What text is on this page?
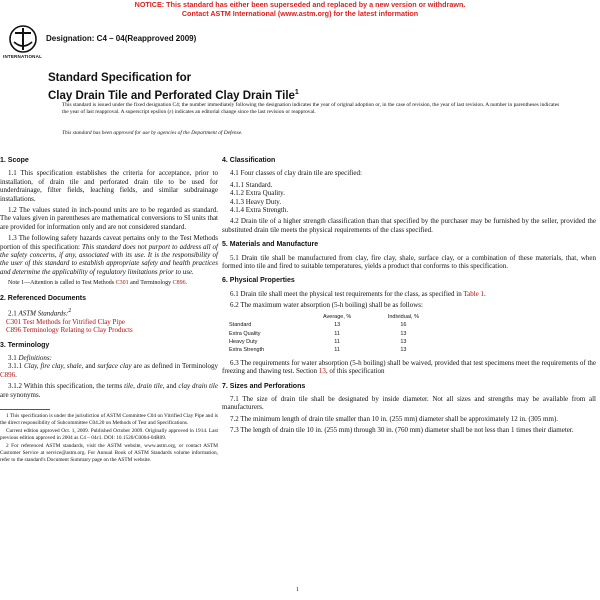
NOTICE: This standard has either been superseded and replaced by a new version or withdrawn.
Contact ASTM International (www.astm.org) for the latest information
INTERNATIONAL
Designation: C4 – 04(Reapproved 2009)
Standard Specification for
Clay Drain Tile and Perforated Clay Drain Tile$^1$
This standard is issued under the fixed designation C4; the number immediately following the designation indicates the year of original adoption or, in the case of revision, the year of last revision. A number in parentheses indicates the year of last reapproval. A superscript epsilon (ε) indicates an editorial change since the last revision or reapproval.
This standard has been approved for use by agencies of the Department of Defense.
1. Scope

1.1 This specification establishes the criteria for acceptance, prior to installation, of drain tile and perforated drain tile to be used for underdrainage, filter fields, leaching fields, and similar subdrainage installations.

1.2 The values stated in inch-pound units are to be regarded as standard. The values given in parentheses are mathematical conversions to SI units that are provided for information only and are not considered standard.

1.3 The following safety hazards caveat pertains only to the Test Methods portion of this specification: This standard does not purport to address all of the safety concerns, if any, associated with its use. It is the responsibility of the user of this standard to establish appropriate safety and health practices and determine the applicability of regulatory limitations prior to use.

Note 1—Attention is called to Test Methods C301 and Terminology C896.

2. Referenced Documents

2.1 ASTM Standards:$^2$

C301 Test Methods for Vitrified Clay Pipe

C896 Terminology Relating to Clay Products

3. Terminology

3.1 Definitions:

3.1.1 Clay, fire clay, shale, and surface clay are as defined in Terminology C896.

3.1.2 Within this specification, the terms tile, drain tile, and clay drain tile are synonyms.

1 This specification is under the jurisdiction of ASTM Committee C04 on Vitrified Clay Pipe and is the direct responsibility of Subcommittee C04.20 on Methods of Test and Specifications.

Current edition approved Oct. 1, 2009. Published October 2009. Originally approved in 1914. Last previous edition approved in 2004 as C4 – 04ε1. DOI: 10.1520/C0004-04R09.

2 For referenced ASTM standards, visit the ASTM website, www.astm.org, or contact ASTM Customer Service at service@astm.org. For Annual Book of ASTM Standards volume information, refer to the standard's Document Summary page on the ASTM website.

4. Classification

4.1 Four classes of clay drain tile are specified:

4.1.1 Standard.

4.1.2 Extra Quality.

4.1.3 Heavy Duty.

4.1.4 Extra Strength.

4.2 Drain tile of a higher strength classification than that specified by the purchaser may be furnished by the seller, provided the substituted drain tile meets the physical requirements of the class specified.

5. Materials and Manufacture

5.1 Drain tile shall be manufactured from clay, fire clay, shale, surface clay, or a combination of these materials, that, when formed into tile and fired to suitable temperatures, yields a product that conforms to this specification.

6. Physical Properties

6.1 Drain tile shall meet the physical test requirements for the class, as specified in Table 1.

6.2 The maximum water absorption (5-h boiling) shall be as follows:

	Average, %	Individual, %
Standard	13	16
Extra Quality	11	13
Heavy Duty	11	13
Extra Strength	11	13

6.3 The requirements for water absorption (5-h boiling) shall be waived, provided that test specimens meet the requirements of the freezing and thawing test. Section 13, of this specification

7. Sizes and Perforations

7.1 The size of drain tile shall be designated by inside diameter. Not all sizes and strengths may be available from all manufacturers.

7.2 The minimum length of drain tile smaller than 10 in. (255 mm) diameter shall be approximately 12 in. (305 mm).

7.3 The length of drain tile 10 in. (255 mm) through 30 in. (760 mm) diameter shall be not less than 1 times their diameter.

1
